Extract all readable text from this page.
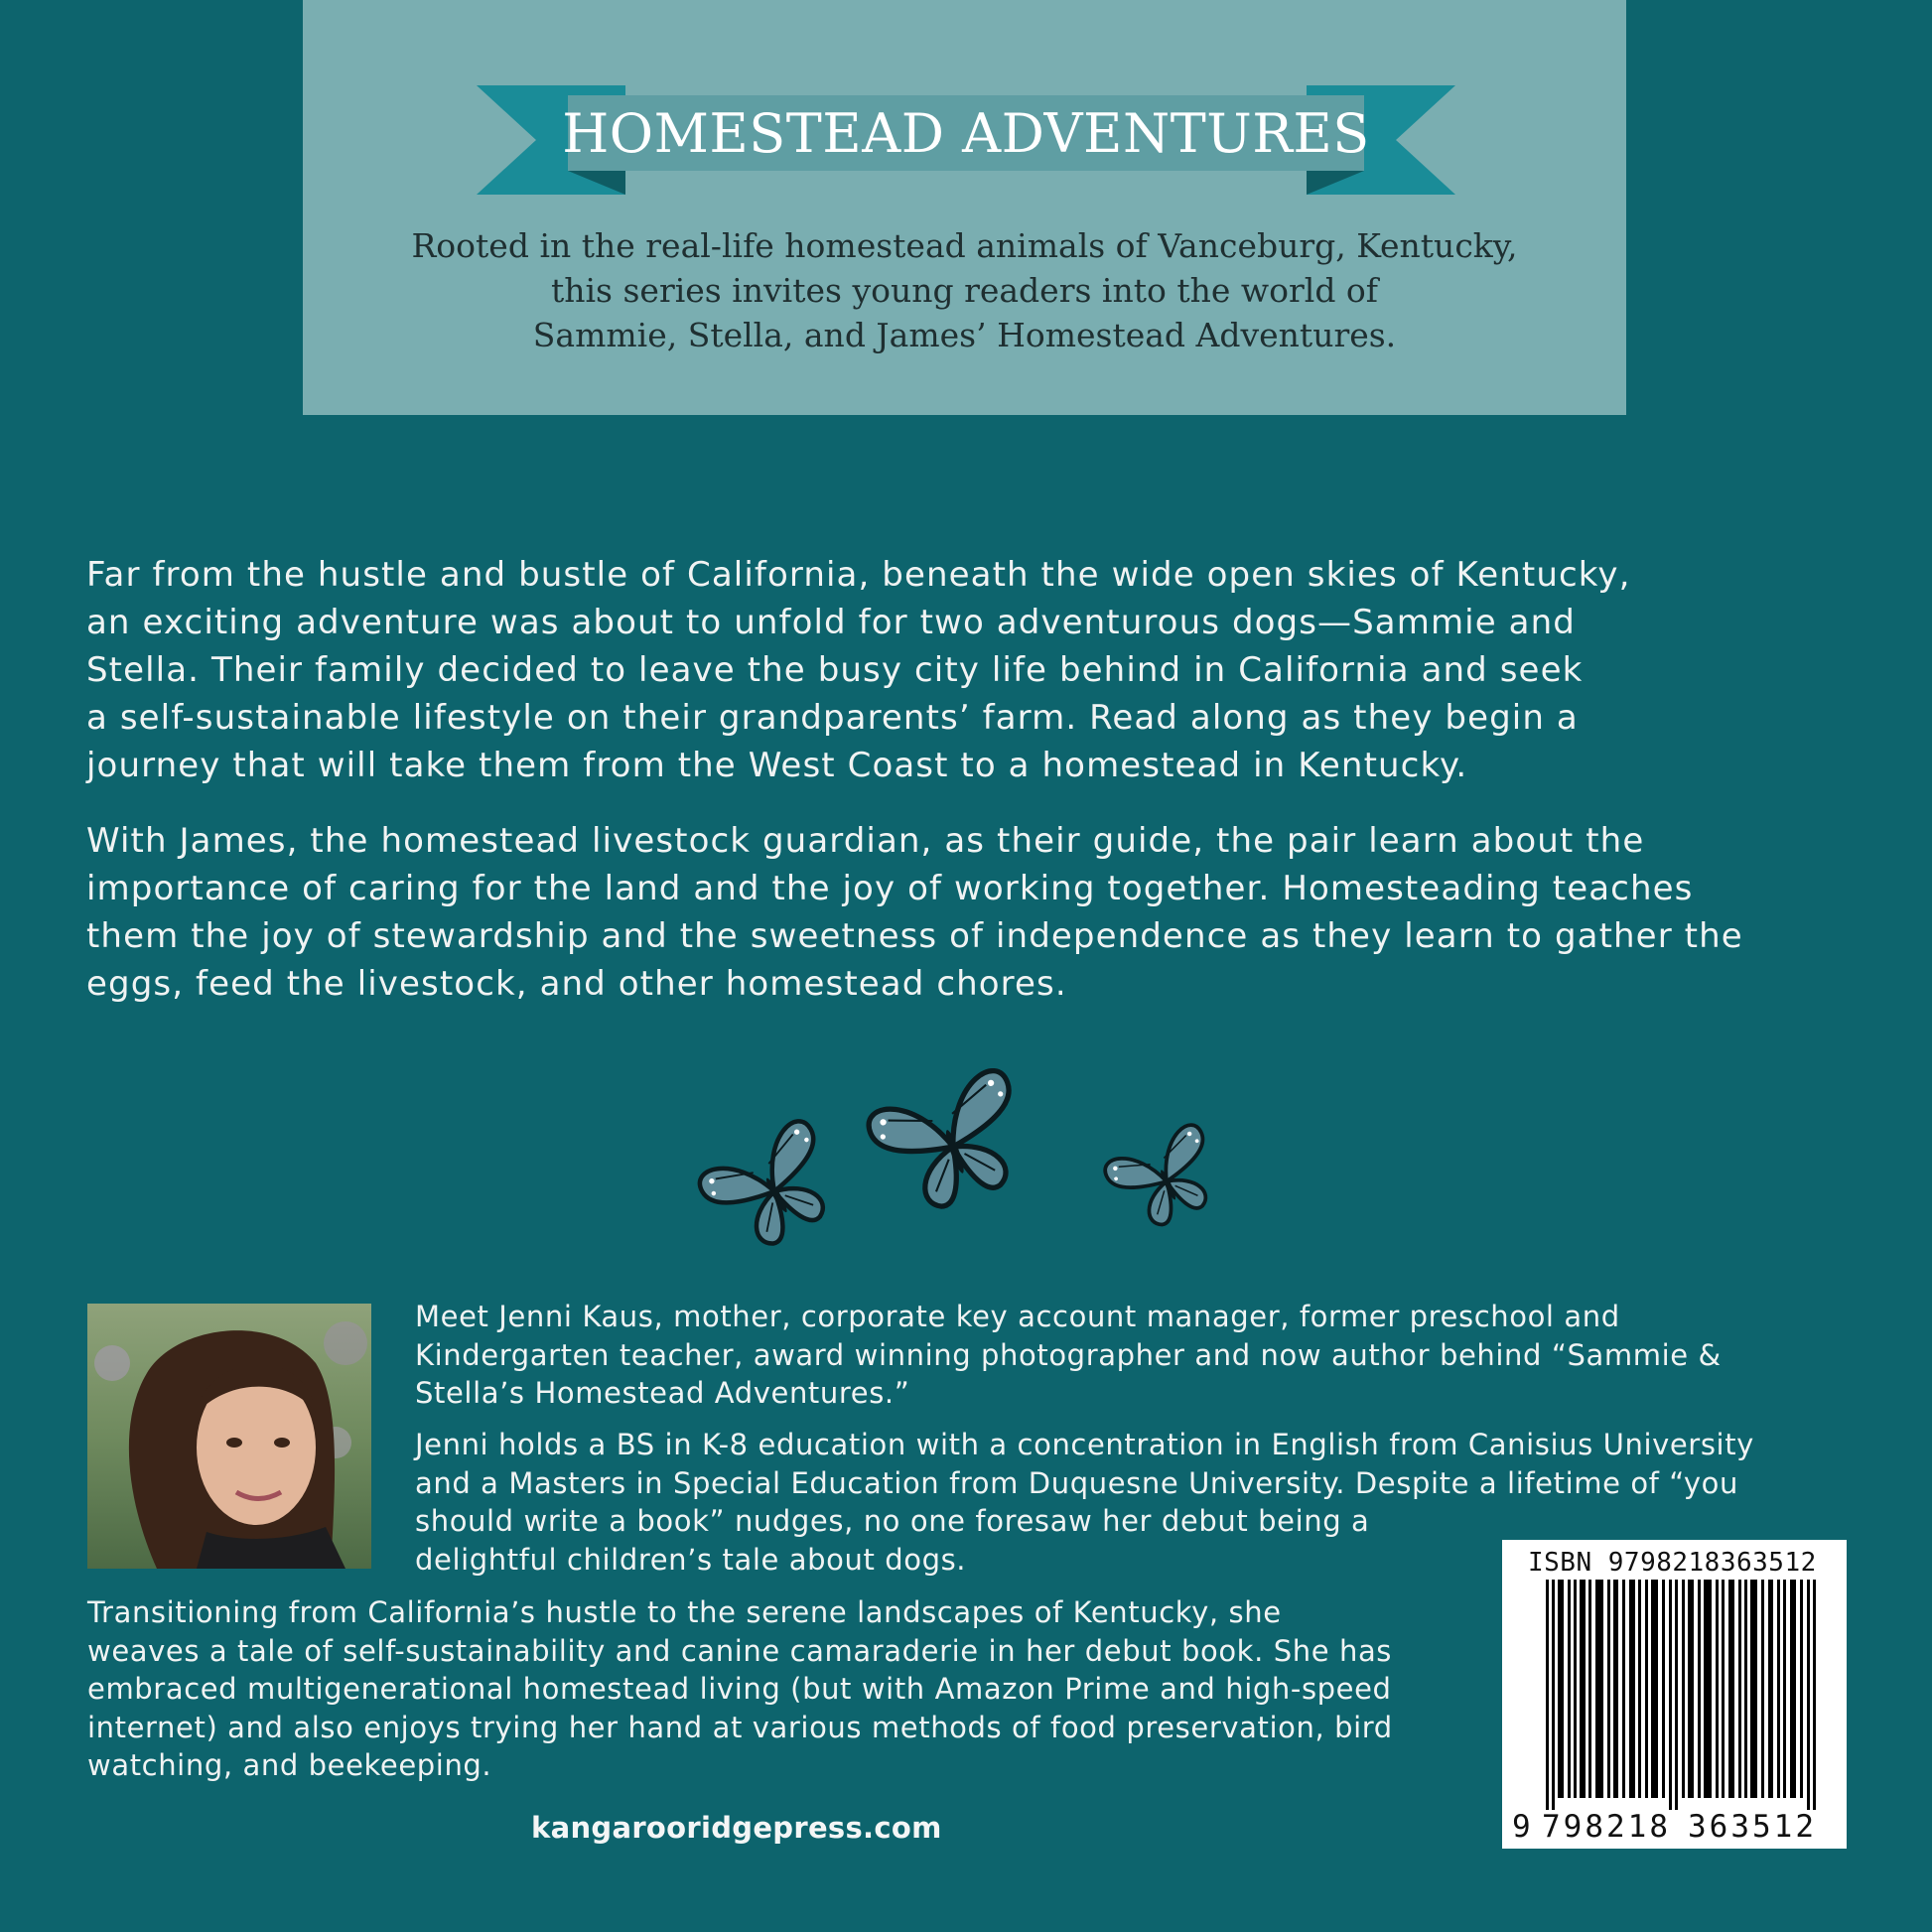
HOMESTEAD ADVENTURES
Rooted in the real-life homestead animals of Vanceburg, Kentucky,
this series invites young readers into the world of
Sammie, Stella, and James’ Homestead Adventures.

Far from the hustle and bustle of California, beneath the wide open skies of Kentucky,
an exciting adventure was about to unfold for two adventurous dogs—Sammie and
Stella. Their family decided to leave the busy city life behind in California and seek
a self-sustainable lifestyle on their grandparents’ farm. Read along as they begin a
journey that will take them from the West Coast to a homestead in Kentucky.

With James, the homestead livestock guardian, as their guide, the pair learn about the
importance of caring for the land and the joy of working together. Homesteading teaches
them the joy of stewardship and the sweetness of independence as they learn to gather the
eggs, feed the livestock, and other homestead chores.

Meet Jenni Kaus, mother, corporate key account manager, former preschool and
Kindergarten teacher, award winning photographer and now author behind “Sammie &
Stella’s Homestead Adventures.”
Jenni holds a BS in K-8 education with a concentration in English from Canisius University
and a Masters in Special Education from Duquesne University. Despite a lifetime of “you
should write a book” nudges, no one foresaw her debut being a
delightful children’s tale about dogs.
Transitioning from California’s hustle to the serene landscapes of Kentucky, she
weaves a tale of self-sustainability and canine camaraderie in her debut book. She has
embraced multigenerational homestead living (but with Amazon Prime and high-speed
internet) and also enjoys trying her hand at various methods of food preservation, bird
watching, and beekeeping.
kangarooridgepress.com
ISBN 9798218363512
9 798218 363512
